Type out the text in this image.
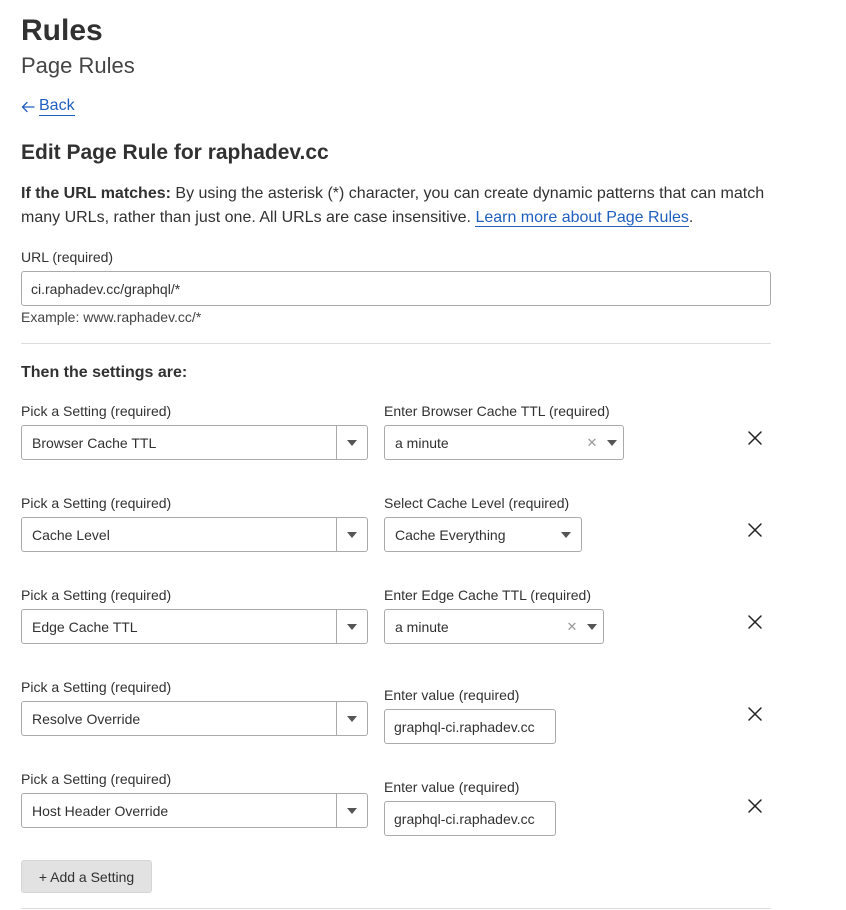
Rules
Page Rules
Back
Edit Page Rule for raphadev.cc
If the URL matches: By using the asterisk (*) character, you can create dynamic patterns that can match many URLs, rather than just one. All URLs are case insensitive. Learn more about Page Rules.
URL (required)
ci.raphadev.cc/graphql/*
Example: www.raphadev.cc/*
Then the settings are:
Pick a Setting (required)
Browser Cache TTL
Enter Browser Cache TTL (required)
a minute	✕
Pick a Setting (required)
Cache Level
Select Cache Level (required)
Cache Everything
Pick a Setting (required)
Edge Cache TTL
Enter Edge Cache TTL (required)
a minute	✕
Pick a Setting (required)
Resolve Override
Enter value (required)
graphql-ci.raphadev.cc
Pick a Setting (required)
Host Header Override
Enter value (required)
graphql-ci.raphadev.cc
+ Add a Setting
